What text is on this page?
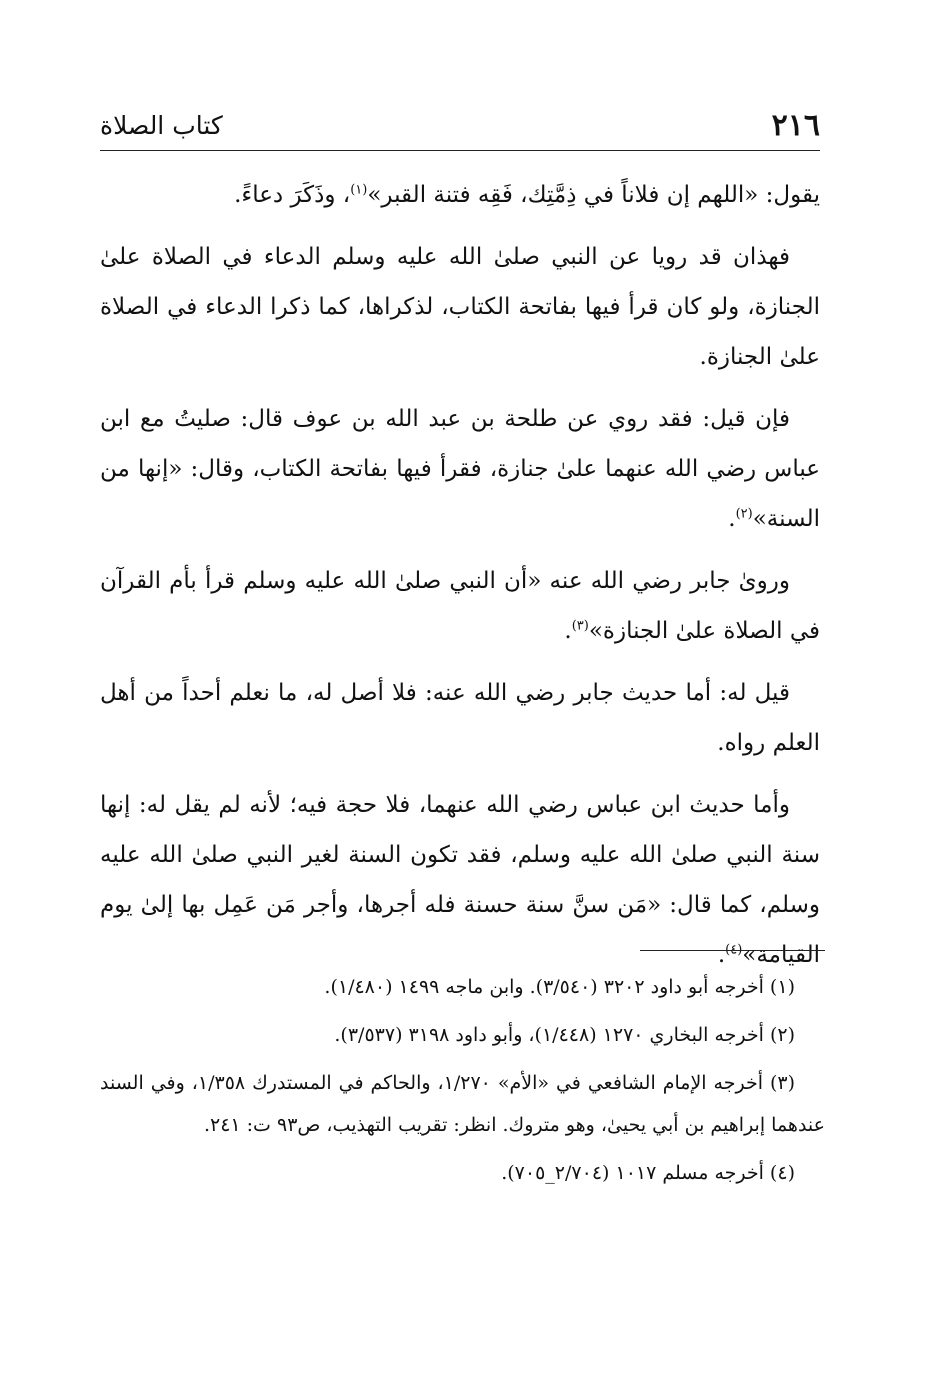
٢١٦
كتاب الصلاة

يقول: «اللهم إن فلاناً في ذِمَّتِك، فَقِه فتنة القبر»$^{(١)}$، وذَكَرَ دعاءً.

فهذان قد رويا عن النبي صلىٰ الله عليه وسلم الدعاء في الصلاة علىٰ الجنازة، ولو كان قرأ فيها بفاتحة الكتاب، لذكراها، كما ذكرا الدعاء في الصلاة علىٰ الجنازة.

فإن قيل: فقد روي عن طلحة بن عبد الله بن عوف قال: صليتُ مع ابن عباس رضي الله عنهما علىٰ جنازة، فقرأ فيها بفاتحة الكتاب، وقال: «إنها من السنة»$^{(٢)}$.

ورویٰ جابر رضي الله عنه «أن النبي صلىٰ الله عليه وسلم قرأ بأم القرآن في الصلاة علىٰ الجنازة»$^{(٣)}$.

قيل له: أما حديث جابر رضي الله عنه: فلا أصل له، ما نعلم أحداً من أهل العلم رواه.

وأما حديث ابن عباس رضي الله عنهما، فلا حجة فيه؛ لأنه لم يقل له: إنها سنة النبي صلىٰ الله عليه وسلم، فقد تكون السنة لغير النبي صلىٰ الله عليه وسلم، كما قال: «مَن سنَّ سنة حسنة فله أجرها، وأجر مَن عَمِل بها إلىٰ يوم القيامة»$^{(٤)}$.

(١) أخرجه أبو داود ٣٢٠٢ (٣/٥٤٠). وابن ماجه ١٤٩٩ (١/٤٨٠).

(٢) أخرجه البخاري ١٢٧٠ (١/٤٤٨)، وأبو داود ٣١٩٨ (٣/٥٣٧).

(٣) أخرجه الإمام الشافعي في «الأم» ١/٢٧٠، والحاكم في المستدرك ١/٣٥٨، وفي السند عندهما إبراهيم بن أبي يحيىٰ، وهو متروك. انظر: تقريب التهذيب، ص٩٣ ت: ٢٤١.

(٤) أخرجه مسلم ١٠١٧ (٢/٧٠٤_٧٠٥).
